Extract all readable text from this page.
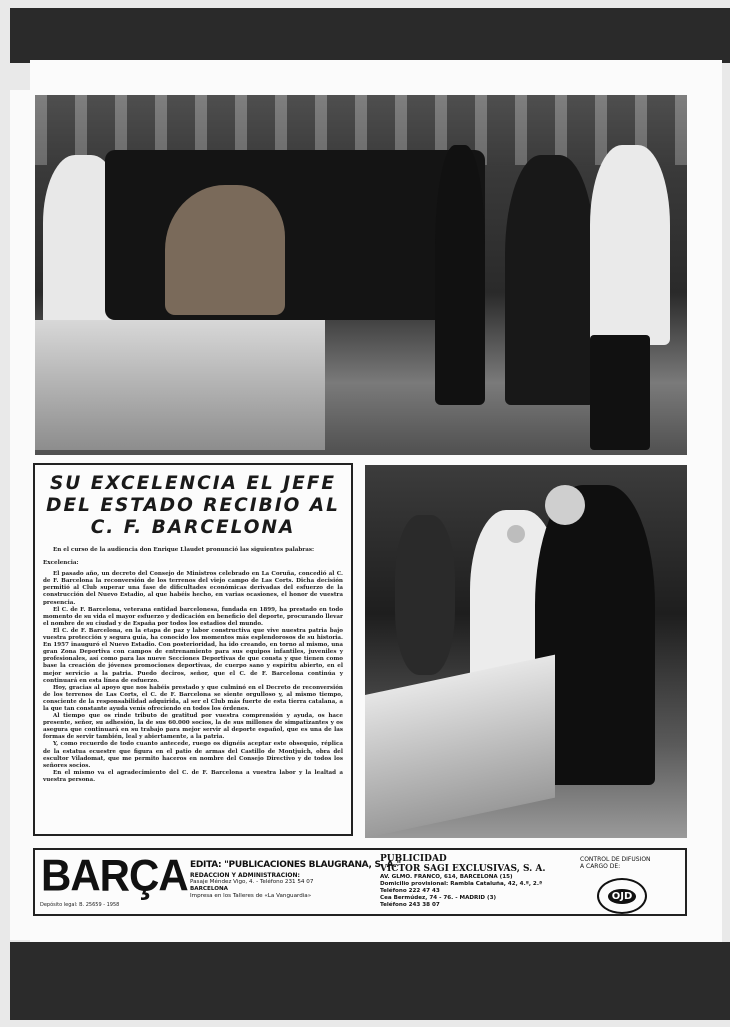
SU EXCELENCIA EL JEFE DEL ESTADO RECIBIO AL C. F. BARCELONA

En el curso de la audiencia don Enrique Llaudet pronunció las siguientes palabras:

Excelencia:

El pasado año, un decreto del Consejo de Ministros celebrado en La Coruña, concedió al C. de F. Barcelona la reconversión de los terrenos del viejo campo de Las Corts. Dicha decisión permitió al Club superar una fase de dificultades económicas derivadas del esfuerzo de la construcción del Nuevo Estadio, al que habéis hecho, en varias ocasiones, el honor de vuestra presencia.

El C. de F. Barcelona, veterana entidad barcelonesa, fundada en 1899, ha prestado en todo momento de su vida el mayor esfuerzo y dedicación en beneficio del deporte, procurando llevar el nombre de su ciudad y de España por todos los estadios del mundo.

El C. de F. Barcelona, en la etapa de paz y labor constructiva que vive nuestra patria bajo vuestra protección y segura guía, ha conocido los momentos más esplendorosos de su historia. En 1957 inauguró el Nuevo Estadio. Con posterioridad, ha ido creando, en torno al mismo, una gran Zona Deportiva con campos de entrenamiento para sus equipos infantiles, juveniles y profesionales, así como para las nueve Secciones Deportivas de que consta y que tienen como base la creación de jóvenes promociones deportivas, de cuerpo sano y espíritu abierto, en el mejor servicio a la patria. Puedo deciros, señor, que el C. de F. Barcelona continúa y continuará en esta línea de esfuerzo.

Hoy, gracias al apoyo que nos habéis prestado y que culminó en el Decreto de reconversión de los terrenos de Las Corts, el C. de F. Barcelona se siente orgulloso y, al mismo tiempo, consciente de la responsabilidad adquirida, al ser el Club más fuerte de esta tierra catalana, a la que tan constante ayuda venís ofreciendo en todos los órdenes.

Al tiempo que os rinde tributo de gratitud por vuestra comprensión y ayuda, os hace presente, señor, su adhesión, la de sus 60.000 socios, la de sus millones de simpatizantes y os asegura que continuará en su trabajo para mejor servir al deporte español, que es una de las formas de servir también, leal y abiertamente, a la patria.

Y, como recuerdo de todo cuanto antecede, ruego os dignéis aceptar este obsequio, réplica de la estatua ecuestre que figura en el patio de armas del Castillo de Montjuich, obra del escultor Viladomat, que me permito haceros en nombre del Consejo Directivo y de todos los señores socios.

En el mismo va el agradecimiento del C. de F. Barcelona a vuestra labor y la lealtad a vuestra persona.

BARÇA
Depósito legal: B. 25659 - 1958
EDITA: "PUBLICACIONES BLAUGRANA, S. A."
REDACCION Y ADMINISTRACION:
Pasaje Méndez Vigo, 4. - Teléfono 231 54 07
BARCELONA
Impresa en los Talleres de «La Vanguardia»
PUBLICIDAD
VICTOR SAGI EXCLUSIVAS, S. A.
AV. GLMO. FRANCO, 614, BARCELONA (15)
Domicilio provisional: Rambla Cataluña, 42, 4.º, 2.ª
Teléfono 222 47 43
Cea Bermúdez, 74 - 76. - MADRID (3)
Teléfono 243 38 07
CONTROL DE DIFUSION
A CARGO DE:
OJD
